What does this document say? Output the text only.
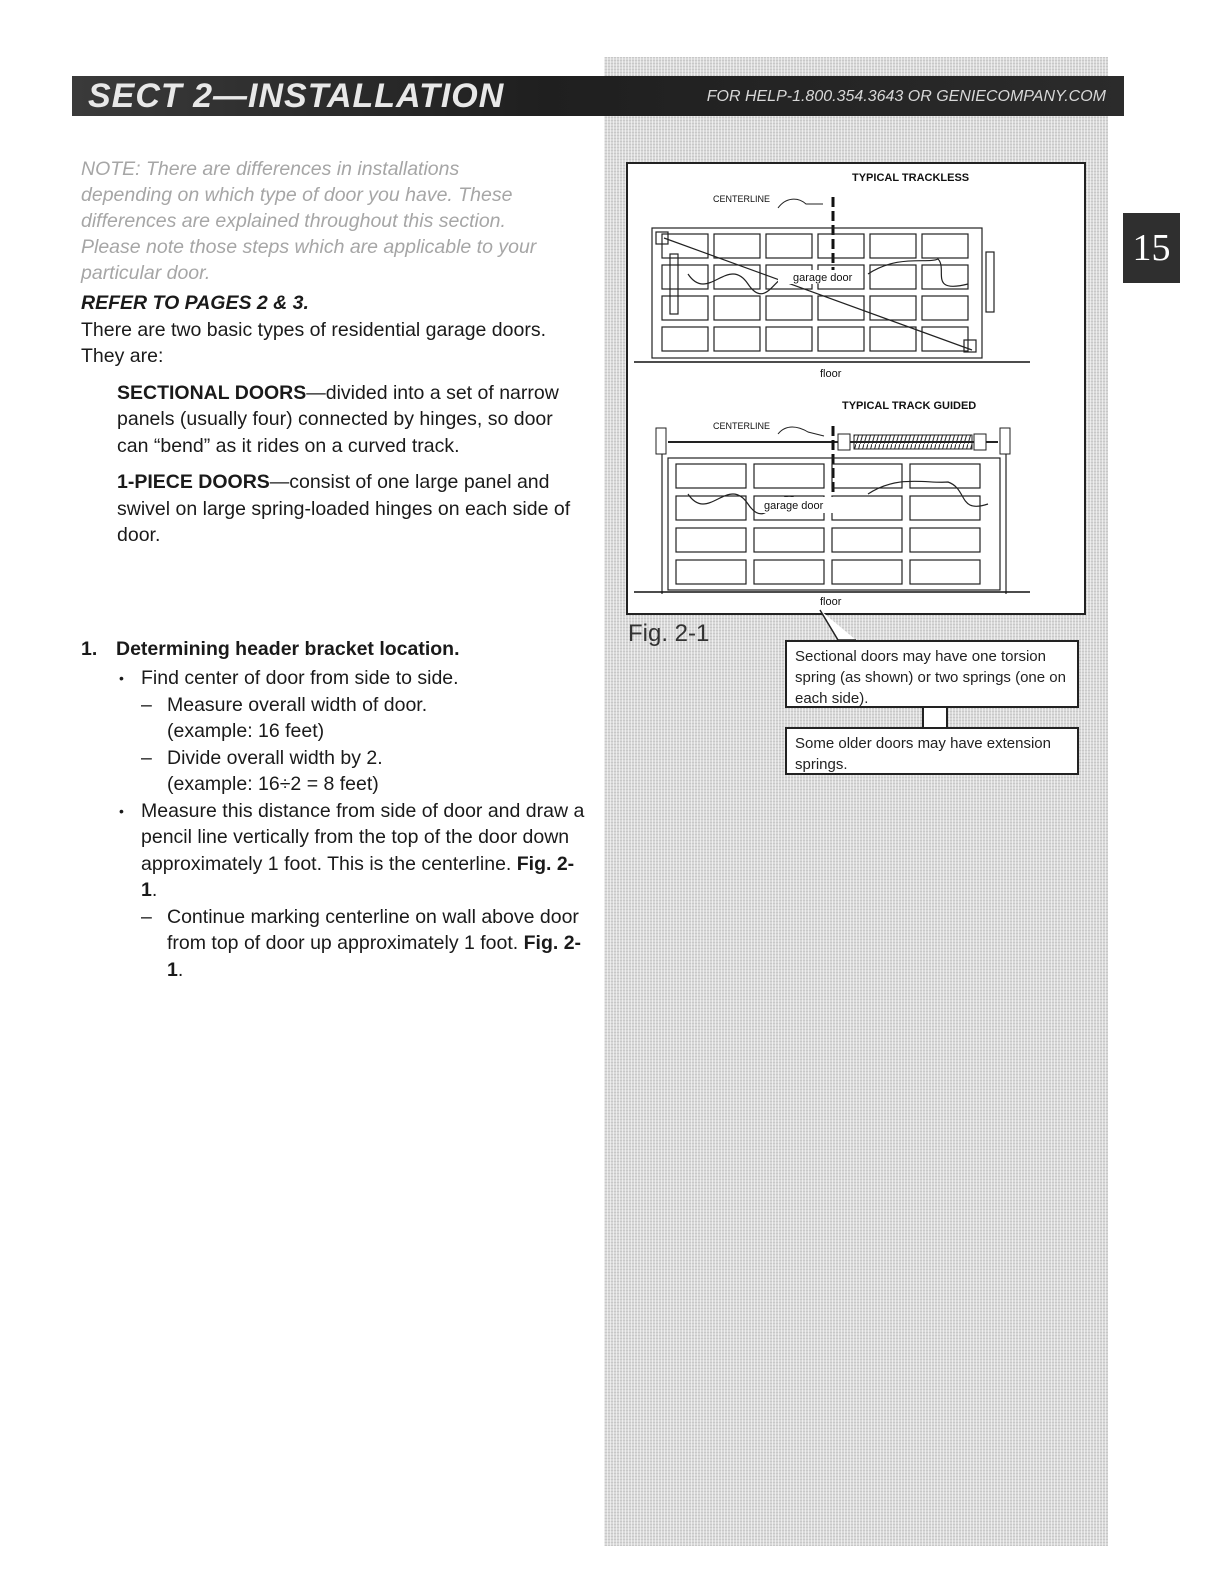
SECT 2—INSTALLATION	FOR HELP-1.800.354.3643 OR GENIECOMPANY.COM
15

NOTE: There are differences in installations depending on which type of door you have. These differences are explained throughout this section. Please note those steps which are applicable to your particular door.

REFER TO PAGES 2 & 3.

There are two basic types of residential garage doors. They are:

SECTIONAL DOORS—divided into a set of narrow panels (usually four) connected by hinges, so door can “bend” as it rides on a curved track.

1-PIECE DOORS—consist of one large panel and swivel on large spring-loaded hinges on each side of door.

1. Determining header bracket location.

• Find center of door from side to side.

– Measure overall width of door.
(example: 16 feet)

– Divide overall width by 2.
(example: 16÷2 = 8 feet)

• Measure this distance from side of door and draw a pencil line vertically from the top of the door down approximately 1 foot. This is the centerline. Fig. 2-1.

– Continue marking centerline on wall above door from top of door up approximately 1 foot. Fig. 2-1.

TYPICAL TRACKLESS
CENTERLINE
garage door
floor
TYPICAL TRACK GUIDED
CENTERLINE
garage door
floor

Fig. 2-1

Sectional doors may have one torsion spring (as shown) or two springs (one on each side).
Some older doors may have extension springs.
